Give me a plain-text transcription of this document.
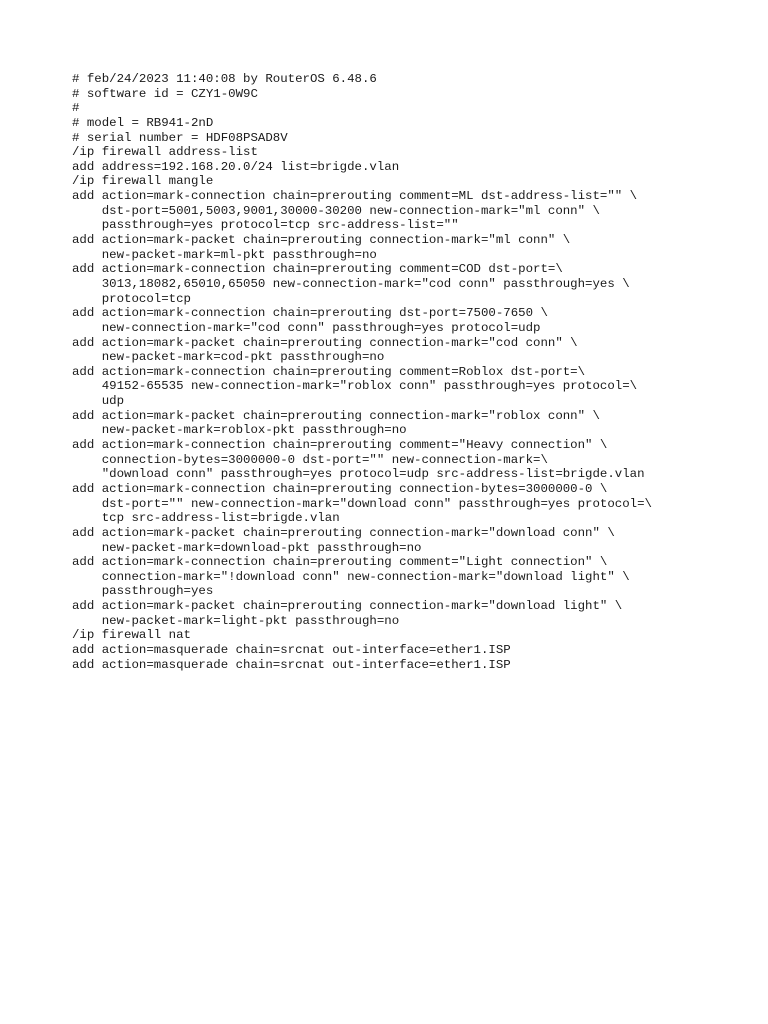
# feb/24/2023 11:40:08 by RouterOS 6.48.6
# software id = CZY1-0W9C
#
# model = RB941-2nD
# serial number = HDF08PSAD8V
/ip firewall address-list
add address=192.168.20.0/24 list=brigde.vlan
/ip firewall mangle
add action=mark-connection chain=prerouting comment=ML dst-address-list="" \
dst-port=5001,5003,9001,30000-30200 new-connection-mark="ml conn" \
passthrough=yes protocol=tcp src-address-list=""
add action=mark-packet chain=prerouting connection-mark="ml conn" \
new-packet-mark=ml-pkt passthrough=no
add action=mark-connection chain=prerouting comment=COD dst-port=\
3013,18082,65010,65050 new-connection-mark="cod conn" passthrough=yes \
protocol=tcp
add action=mark-connection chain=prerouting dst-port=7500-7650 \
new-connection-mark="cod conn" passthrough=yes protocol=udp
add action=mark-packet chain=prerouting connection-mark="cod conn" \
new-packet-mark=cod-pkt passthrough=no
add action=mark-connection chain=prerouting comment=Roblox dst-port=\
49152-65535 new-connection-mark="roblox conn" passthrough=yes protocol=\
udp
add action=mark-packet chain=prerouting connection-mark="roblox conn" \
new-packet-mark=roblox-pkt passthrough=no
add action=mark-connection chain=prerouting comment="Heavy connection" \
connection-bytes=3000000-0 dst-port="" new-connection-mark=\
"download conn" passthrough=yes protocol=udp src-address-list=brigde.vlan
add action=mark-connection chain=prerouting connection-bytes=3000000-0 \
dst-port="" new-connection-mark="download conn" passthrough=yes protocol=\
tcp src-address-list=brigde.vlan
add action=mark-packet chain=prerouting connection-mark="download conn" \
new-packet-mark=download-pkt passthrough=no
add action=mark-connection chain=prerouting comment="Light connection" \
connection-mark="!download conn" new-connection-mark="download light" \
passthrough=yes
add action=mark-packet chain=prerouting connection-mark="download light" \
new-packet-mark=light-pkt passthrough=no
/ip firewall nat
add action=masquerade chain=srcnat out-interface=ether1.ISP
add action=masquerade chain=srcnat out-interface=ether1.ISP
